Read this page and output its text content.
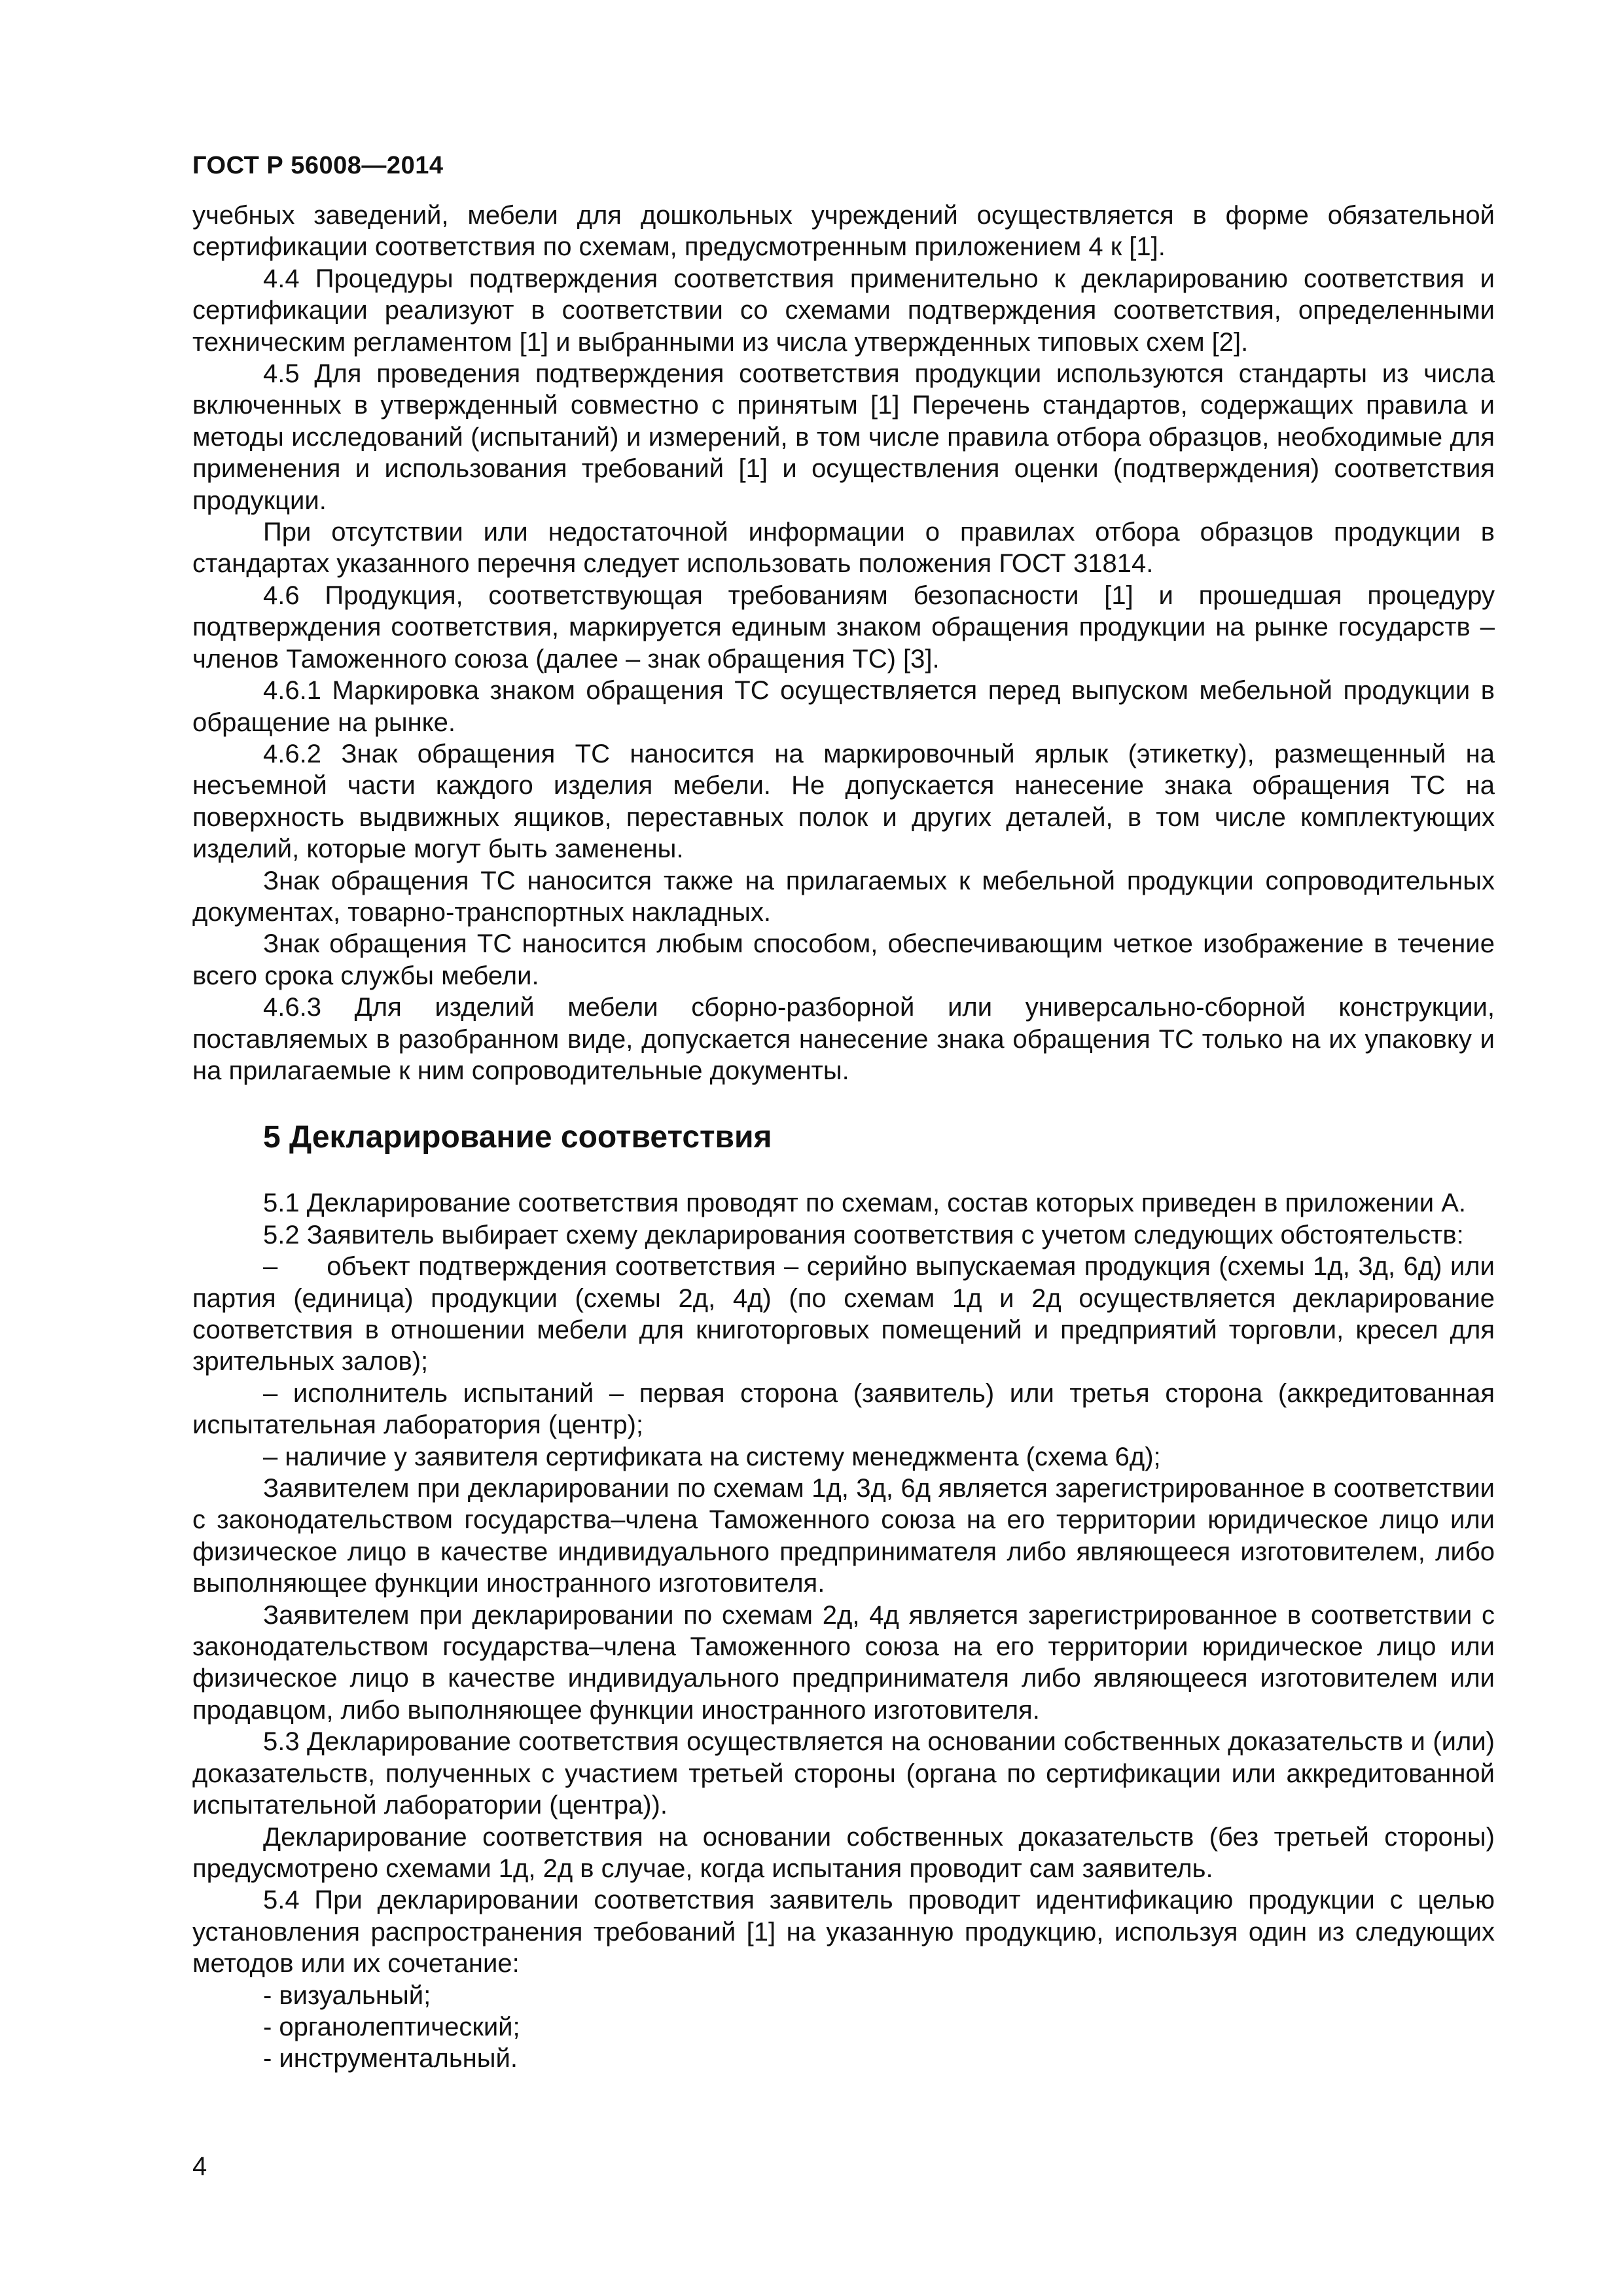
ГОСТ Р 56008—2014

учебных заведений, мебели для дошкольных учреждений осуществляется в форме обязательной сертификации соответствия по схемам, предусмотренным приложением 4 к [1].

4.4 Процедуры подтверждения соответствия применительно к декларированию соответствия и сертификации реализуют в соответствии со схемами подтверждения соответствия, определенными техническим регламентом [1] и выбранными из числа утвержденных типовых схем [2].

4.5 Для проведения подтверждения соответствия продукции используются стандарты из числа включенных в утвержденный совместно с принятым [1] Перечень стандартов, содержащих правила и методы исследований (испытаний) и измерений, в том числе правила отбора образцов, необходимые для применения и использования требований [1] и осуществления оценки (подтверждения) соответствия продукции.

При отсутствии или недостаточной информации о правилах отбора образцов продукции в стандартах указанного перечня следует использовать положения ГОСТ 31814.

4.6 Продукция, соответствующая требованиям безопасности [1] и прошедшая процедуру подтверждения соответствия, маркируется единым знаком обращения продукции на рынке государств – членов Таможенного союза (далее – знак обращения ТС) [3].

4.6.1 Маркировка знаком обращения ТС осуществляется перед выпуском мебельной продукции в обращение на рынке.

4.6.2 Знак обращения ТС наносится на маркировочный ярлык (этикетку), размещенный на несъемной части каждого изделия мебели. Не допускается нанесение знака обращения ТС на поверхность выдвижных ящиков, переставных полок и других деталей, в том числе комплектующих изделий, которые могут быть заменены.

Знак обращения ТС наносится также на прилагаемых к мебельной продукции сопроводительных документах, товарно-транспортных накладных.

Знак обращения ТС наносится любым способом, обеспечивающим четкое изображение в течение всего срока службы мебели.

4.6.3 Для изделий мебели сборно-разборной или универсально-сборной конструкции, поставляемых в разобранном виде, допускается нанесение знака обращения ТС только на их упаковку и на прилагаемые к ним сопроводительные документы.

5 Декларирование соответствия

5.1 Декларирование соответствия проводят по схемам, состав которых приведен в приложении А.

5.2 Заявитель выбирает схему декларирования соответствия с учетом следующих обстоятельств:

–      объект подтверждения соответствия – серийно выпускаемая продукция (схемы 1д, 3д, 6д) или партия (единица) продукции (схемы 2д, 4д) (по схемам 1д и 2д осуществляется декларирование соответствия в отношении мебели для книготорговых помещений и предприятий торговли, кресел для зрительных залов);

– исполнитель испытаний – первая сторона (заявитель) или третья сторона (аккредитованная испытательная лаборатория (центр);

– наличие у заявителя сертификата на систему менеджмента (схема 6д);

Заявителем при декларировании по схемам 1д, 3д, 6д является зарегистрированное в соответствии с законодательством государства–члена Таможенного союза на его территории юридическое лицо или физическое лицо в качестве индивидуального предпринимателя либо являющееся изготовителем, либо выполняющее функции иностранного изготовителя.

Заявителем при декларировании по схемам 2д, 4д является зарегистрированное в соответствии с законодательством государства–члена Таможенного союза на его территории юридическое лицо или физическое лицо в качестве индивидуального предпринимателя либо являющееся изготовителем или продавцом, либо выполняющее функции иностранного изготовителя.

5.3 Декларирование соответствия осуществляется на основании собственных доказательств и (или) доказательств, полученных с участием третьей стороны (органа по сертификации или аккредитованной испытательной лаборатории (центра)).

Декларирование соответствия на основании собственных доказательств (без третьей стороны) предусмотрено схемами 1д, 2д в случае, когда испытания проводит сам заявитель.

5.4 При декларировании соответствия заявитель проводит идентификацию продукции с целью установления распространения требований [1] на указанную продукцию, используя один из следующих методов или их сочетание:

- визуальный;

- органолептический;

- инструментальный.

4
